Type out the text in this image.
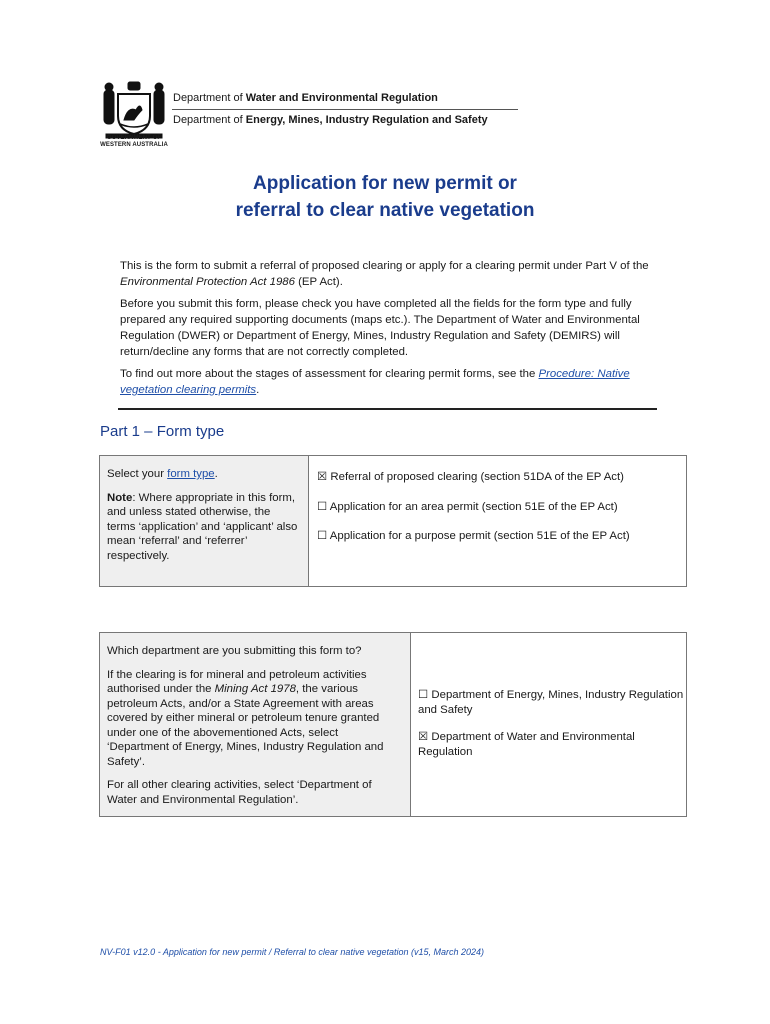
GOVERNMENT OF
WESTERN AUSTRALIA
Department of Water and Environmental Regulation
Department of Energy, Mines, Industry Regulation and Safety
Application for new permit or
referral to clear native vegetation

This is the form to submit a referral of proposed clearing or apply for a clearing permit under Part V of the Environmental Protection Act 1986 (EP Act).

Before you submit this form, please check you have completed all the fields for the form type and fully prepared any required supporting documents (maps etc.). The Department of Water and Environmental Regulation (DWER) or Department of Energy, Mines, Industry Regulation and Safety (DEMIRS) will return/decline any forms that are not correctly completed.

To find out more about the stages of assessment for clearing permit forms, see the Procedure: Native vegetation clearing permits.

Part 1 – Form type

Select your form type.

Note: Where appropriate in this form, and unless stated otherwise, the terms ‘application’ and ‘applicant’ also mean ‘referral’ and ‘referrer’ respectively.

☒ Referral of proposed clearing (section 51DA of the EP Act)
☐ Application for an area permit (section 51E of the EP Act)
☐ Application for a purpose permit (section 51E of the EP Act)

Which department are you submitting this form to?

If the clearing is for mineral and petroleum activities authorised under the Mining Act 1978, the various petroleum Acts, and/or a State Agreement with areas covered by either mineral or petroleum tenure granted under one of the abovementioned Acts, select ‘Department of Energy, Mines, Industry Regulation and Safety’.

For all other clearing activities, select ‘Department of Water and Environmental Regulation’.

☐ Department of Energy, Mines, Industry Regulation and Safety
☒ Department of Water and Environmental Regulation
NV-F01 v12.0 - Application for new permit / Referral to clear native vegetation (v15, March 2024)
